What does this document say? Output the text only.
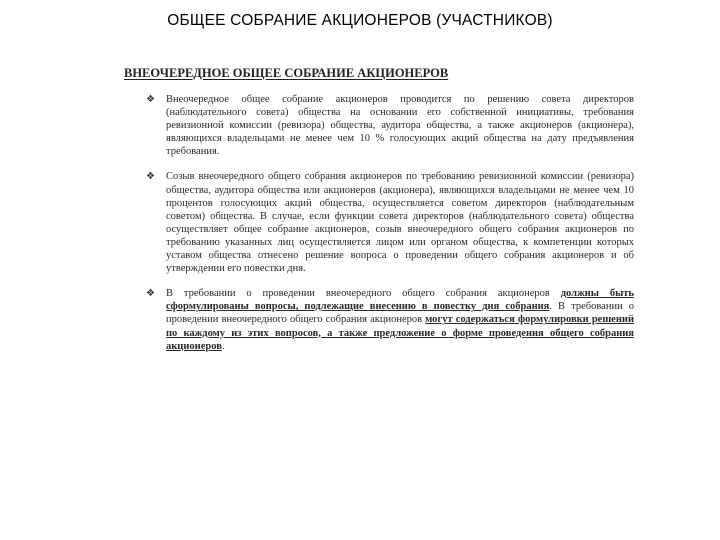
ОБЩЕЕ СОБРАНИЕ АКЦИОНЕРОВ (УЧАСТНИКОВ)
ВНЕОЧЕРЕДНОЕ ОБЩЕЕ СОБРАНИЕ АКЦИОНЕРОВ
❖ Внеочередное общее собрание акционеров проводится по решению совета директоров (наблюдательного совета) общества на основании его собственной инициативы, требования ревизионной комиссии (ревизора) общества, аудитора общества, а также акционеров (акционера), являющихся владельцами не менее чем 10 % голосующих акций общества на дату предъявления требования.

❖ Созыв внеочередного общего собрания акционеров по требованию ревизионной комиссии (ревизора) общества, аудитора общества или акционеров (акционера), являющихся владельцами не менее чем 10 процентов голосующих акций общества, осуществляется советом директоров (наблюдательным советом) общества. В случае, если функции совета директоров (наблюдательного совета) общества осуществляет общее собрание акционеров, созыв внеочередного общего собрания акционеров по требованию указанных лиц осуществляется лицом или органом общества, к компетенции которых уставом общества отнесено решение вопроса о проведении общего собрания акционеров и об утверждении его повестки дня.

❖ В требовании о проведении внеочередного общего собрания акционеров должны быть сформулированы вопросы, подлежащие внесению в повестку дня собрания. В требовании о проведении внеочередного общего собрания акционеров могут содержаться формулировки решений по каждому из этих вопросов, а также предложение о форме проведения общего собрания акционеров.
